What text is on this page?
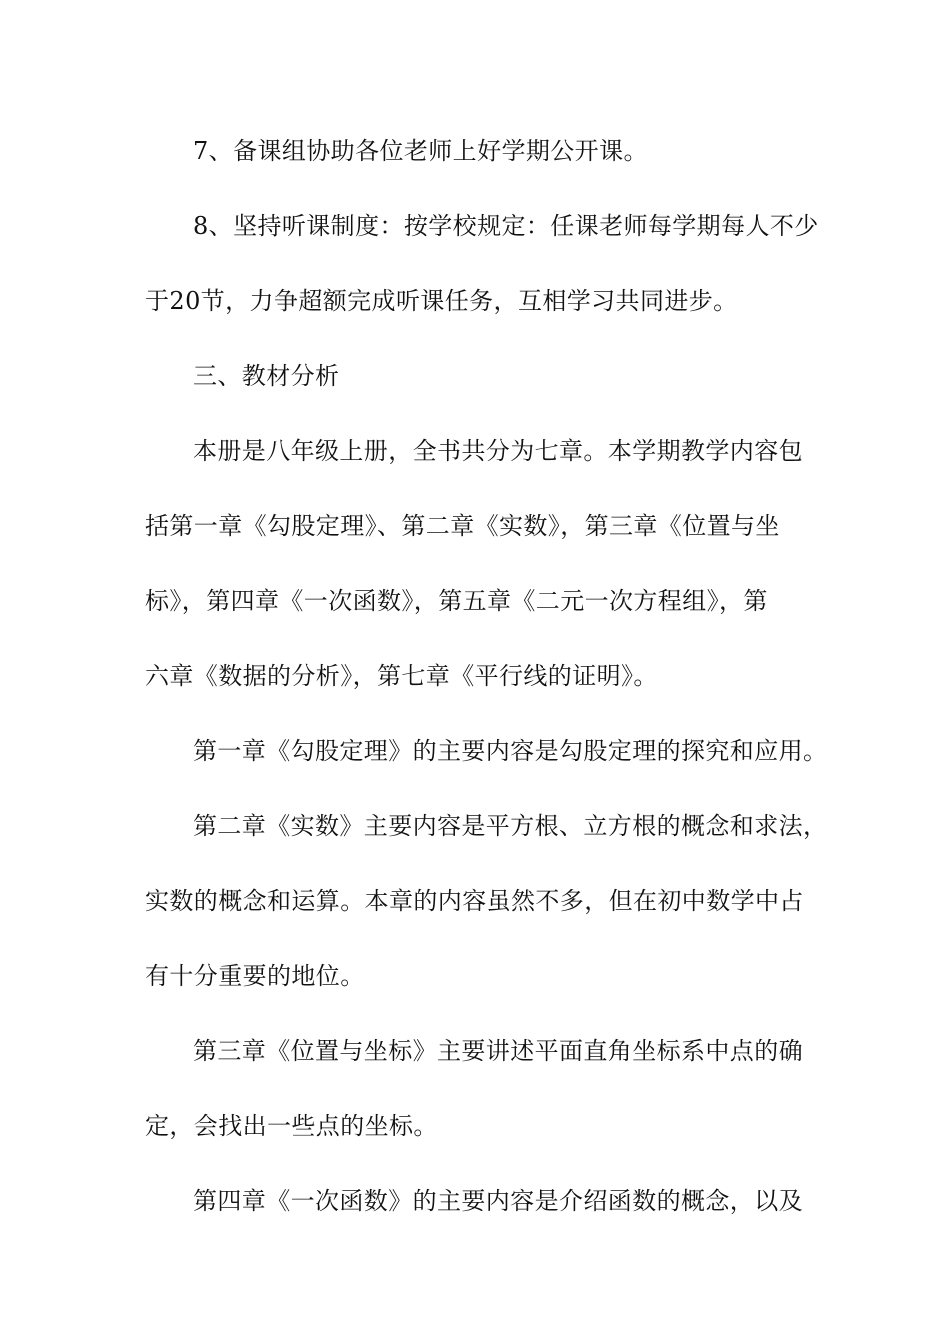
7、备课组协助各位老师上好学期公开课。
8、坚持听课制度：按学校规定：任课老师每学期每人不少
于20节，力争超额完成听课任务，互相学习共同进步。
三、教材分析
本册是八年级上册，全书共分为七章。本学期教学内容包
括第一章《勾股定理》、第二章《实数》，第三章《位置与坐
标》，第四章《一次函数》，第五章《二元一次方程组》，第
六章《数据的分析》，第七章《平行线的证明》。
第一章《勾股定理》的主要内容是勾股定理的探究和应用。
第二章《实数》主要内容是平方根、立方根的概念和求法，
实数的概念和运算。本章的内容虽然不多，但在初中数学中占
有十分重要的地位。
第三章《位置与坐标》主要讲述平面直角坐标系中点的确
定，会找出一些点的坐标。
第四章《一次函数》的主要内容是介绍函数的概念，以及
